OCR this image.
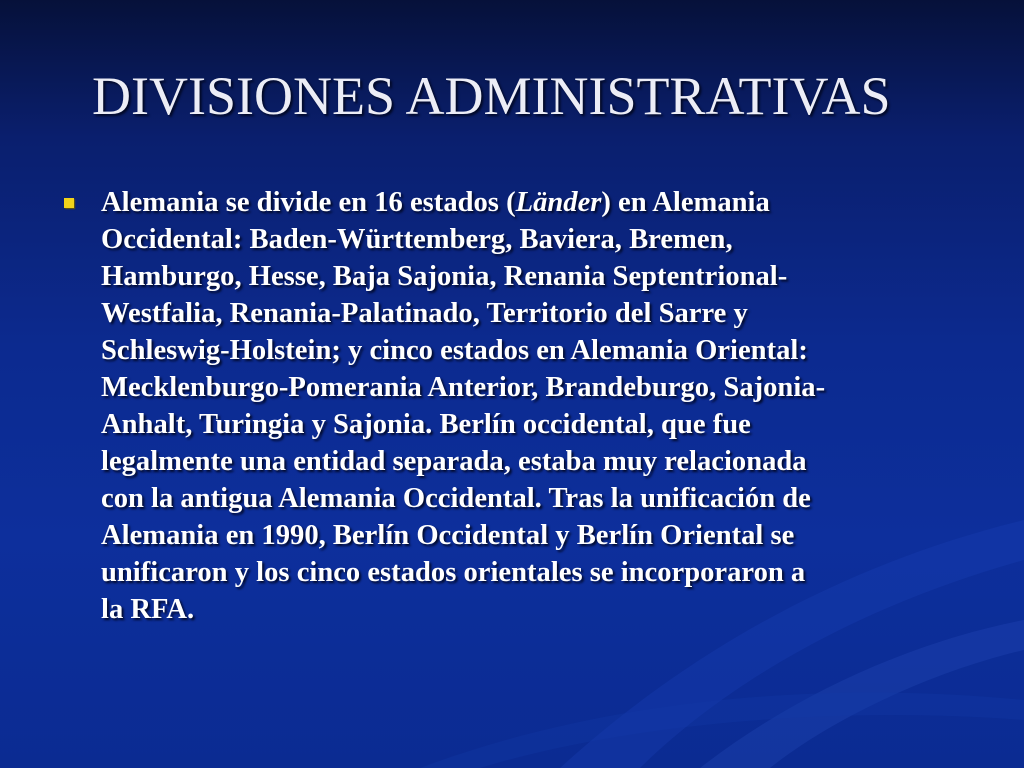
DIVISIONES ADMINISTRATIVAS

Alemania se divide en 16 estados (Länder) en Alemania
Occidental: Baden-Württemberg, Baviera, Bremen,
Hamburgo, Hesse, Baja Sajonia, Renania Septentrional-
Westfalia, Renania-Palatinado, Territorio del Sarre y
Schleswig-Holstein; y cinco estados en Alemania Oriental:
Mecklenburgo-Pomerania Anterior, Brandeburgo, Sajonia-
Anhalt, Turingia y Sajonia. Berlín occidental, que fue
legalmente una entidad separada, estaba muy relacionada
con la antigua Alemania Occidental. Tras la unificación de
Alemania en 1990, Berlín Occidental y Berlín Oriental se
unificaron y los cinco estados orientales se incorporaron a
la RFA.
